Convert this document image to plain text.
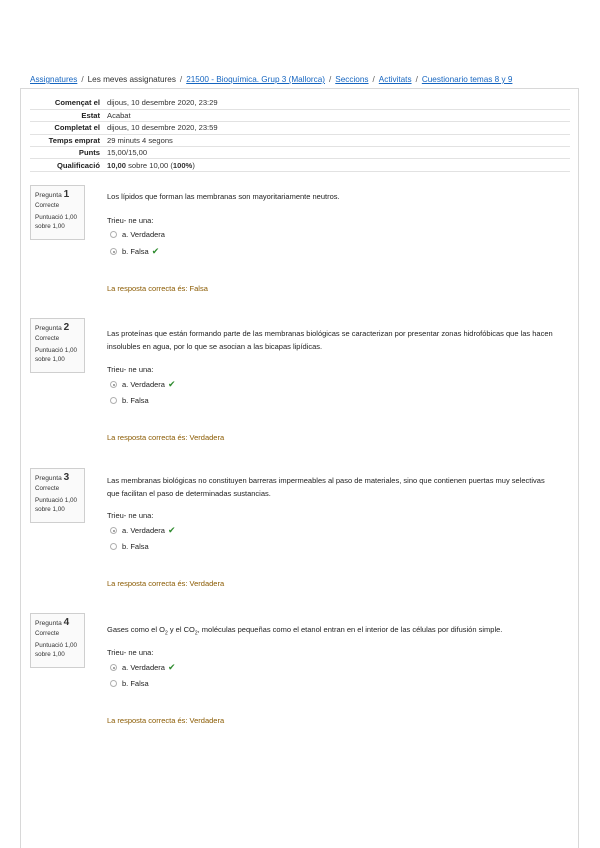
Assignatures / Les meves assignatures / 21500 - Bioquímica. Grup 3 (Mallorca) / Seccions / Activitats / Cuestionario temas 8 y 9
Començat el	dijous, 10 desembre 2020, 23:29
Estat	Acabat
Completat el	dijous, 10 desembre 2020, 23:59
Temps emprat	29 minuts 4 segons
Punts	15,00/15,00
Qualificació	10,00 sobre 10,00 (100%)
Pregunta 1
Correcte
Puntuació 1,00 sobre 1,00
Los lípidos que forman las membranas son mayoritariamente neutros.
Trieu- ne una:
a. Verdadera
b. Falsa ✔
La resposta correcta és: Falsa
Pregunta 2
Correcte
Puntuació 1,00 sobre 1,00
Las proteínas que están formando parte de las membranas biológicas se caracterizan por presentar zonas hidrofóbicas que las hacen insolubles en agua, por lo que se asocian a las bicapas lipídicas.
Trieu- ne una:
a. Verdadera ✔
b. Falsa
La resposta correcta és: Verdadera
Pregunta 3
Correcte
Puntuació 1,00 sobre 1,00
Las membranas biológicas no constituyen barreras impermeables al paso de materiales, sino que contienen puertas muy selectivas que facilitan el paso de determinadas sustancias.
Trieu- ne una:
a. Verdadera ✔
b. Falsa
La resposta correcta és: Verdadera
Pregunta 4
Correcte
Puntuació 1,00 sobre 1,00
Gases como el $O_2$ y el $CO_2$, moléculas pequeñas como el etanol entran en el interior de las células por difusión simple.
Trieu- ne una:
a. Verdadera ✔
b. Falsa
La resposta correcta és: Verdadera
